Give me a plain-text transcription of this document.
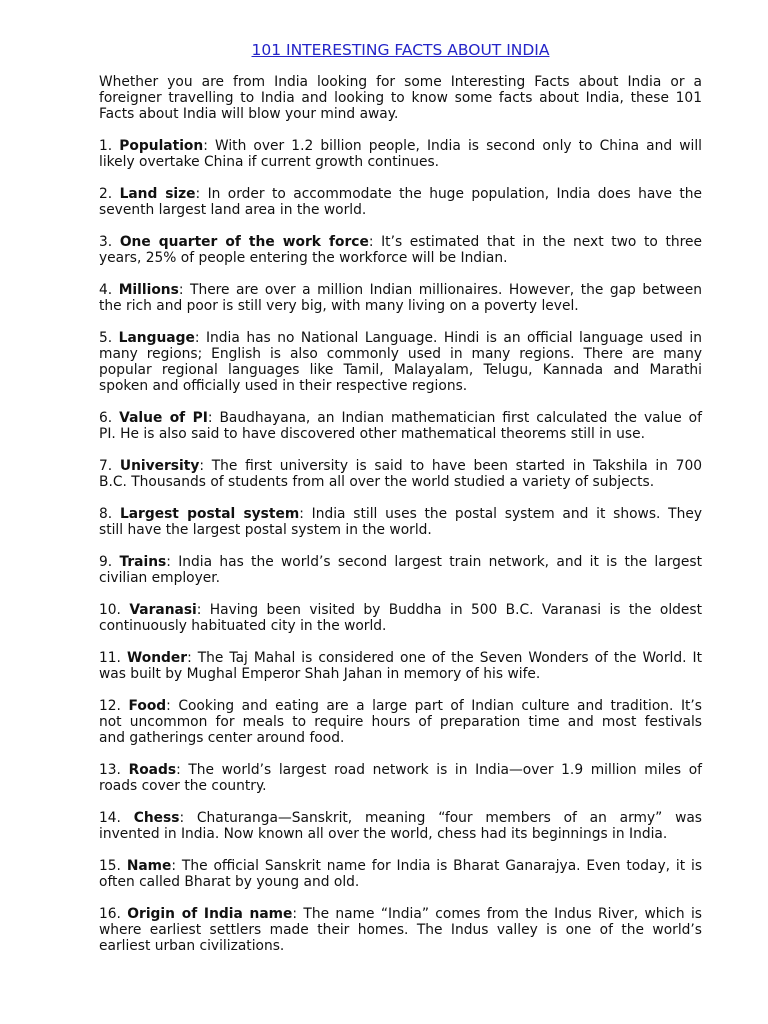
101 INTERESTING FACTS ABOUT INDIA
Whether you are from India looking for some Interesting Facts about India or a
foreigner travelling to India and looking to know some facts about India, these 101
Facts about India will blow your mind away.
1. Population: With over 1.2 billion people, India is second only to China and will
likely overtake China if current growth continues.
2. Land size: In order to accommodate the huge population, India does have the
seventh largest land area in the world.
3. One quarter of the work force: It’s estimated that in the next two to three
years, 25% of people entering the workforce will be Indian.
4. Millions: There are over a million Indian millionaires. However, the gap between
the rich and poor is still very big, with many living on a poverty level.
5. Language: India has no National Language. Hindi is an official language used in
many regions; English is also commonly used in many regions. There are many
popular regional languages like Tamil, Malayalam, Telugu, Kannada and Marathi
spoken and officially used in their respective regions.
6. Value of PI: Baudhayana, an Indian mathematician first calculated the value of
PI. He is also said to have discovered other mathematical theorems still in use.
7. University: The first university is said to have been started in Takshila in 700
B.C. Thousands of students from all over the world studied a variety of subjects.
8. Largest postal system: India still uses the postal system and it shows. They
still have the largest postal system in the world.
9. Trains: India has the world’s second largest train network, and it is the largest
civilian employer.
10. Varanasi: Having been visited by Buddha in 500 B.C. Varanasi is the oldest
continuously habituated city in the world.
11. Wonder: The Taj Mahal is considered one of the Seven Wonders of the World. It
was built by Mughal Emperor Shah Jahan in memory of his wife.
12. Food: Cooking and eating are a large part of Indian culture and tradition. It’s
not uncommon for meals to require hours of preparation time and most festivals
and gatherings center around food.
13. Roads: The world’s largest road network is in India—over 1.9 million miles of
roads cover the country.
14. Chess: Chaturanga—Sanskrit, meaning “four members of an army” was
invented in India. Now known all over the world, chess had its beginnings in India.
15. Name: The official Sanskrit name for India is Bharat Ganarajya. Even today, it is
often called Bharat by young and old.
16. Origin of India name: The name “India” comes from the Indus River, which is
where earliest settlers made their homes. The Indus valley is one of the world’s
earliest urban civilizations.
